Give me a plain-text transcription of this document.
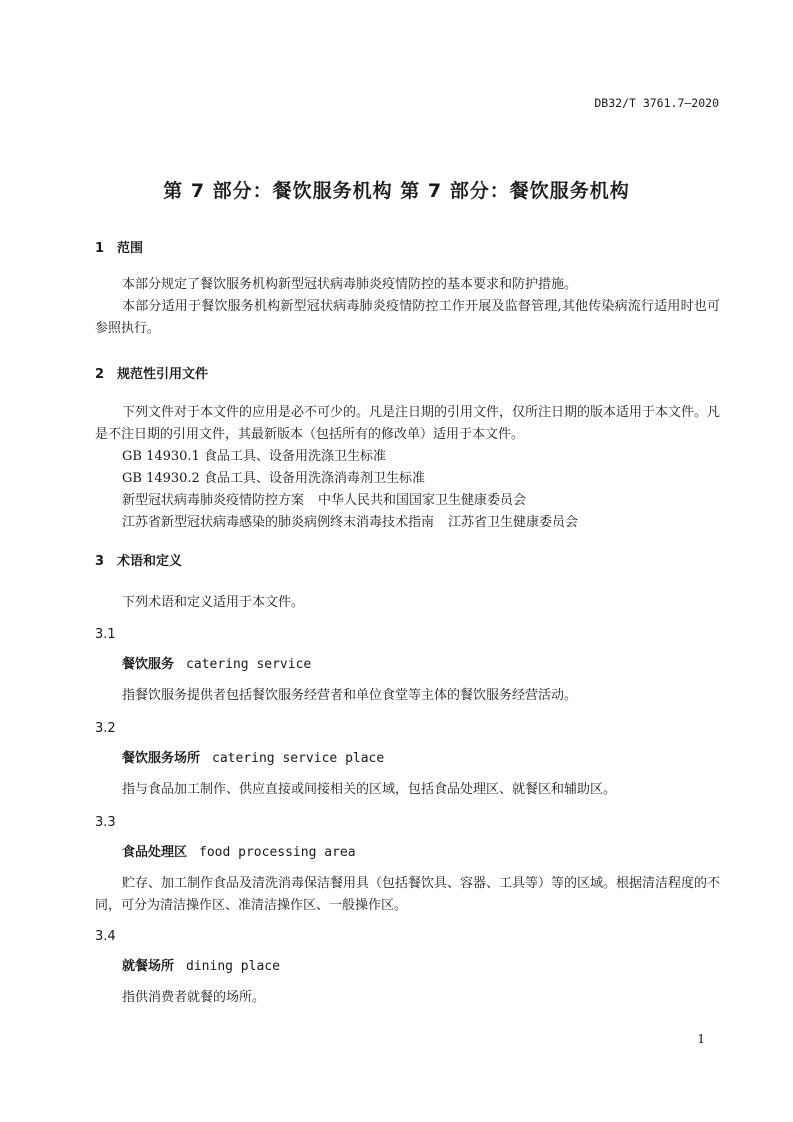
DB32/T 3761.7—2020
第 7 部分：餐饮服务机构 第 7 部分：餐饮服务机构
1 范围
本部分规定了餐饮服务机构新型冠状病毒肺炎疫情防控的基本要求和防护措施。
本部分适用于餐饮服务机构新型冠状病毒肺炎疫情防控工作开展及监督管理,其他传染病流行适用时也可参照执行。
2 规范性引用文件
下列文件对于本文件的应用是必不可少的。凡是注日期的引用文件，仅所注日期的版本适用于本文件。凡是不注日期的引用文件，其最新版本（包括所有的修改单）适用于本文件。
GB 14930.1 食品工具、设备用洗涤卫生标准
GB 14930.2 食品工具、设备用洗涤消毒剂卫生标准
新型冠状病毒肺炎疫情防控方案 中华人民共和国国家卫生健康委员会
江苏省新型冠状病毒感染的肺炎病例终末消毒技术指南 江苏省卫生健康委员会
3 术语和定义
下列术语和定义适用于本文件。
3.1
餐饮服务 catering service
指餐饮服务提供者包括餐饮服务经营者和单位食堂等主体的餐饮服务经营活动。
3.2
餐饮服务场所 catering service place
指与食品加工制作、供应直接或间接相关的区域，包括食品处理区、就餐区和辅助区。
3.3
食品处理区 food processing area
贮存、加工制作食品及清洗消毒保洁餐用具（包括餐饮具、容器、工具等）等的区域。根据清洁程度的不同，可分为清洁操作区、准清洁操作区、一般操作区。
3.4
就餐场所 dining place
指供消费者就餐的场所。
1
